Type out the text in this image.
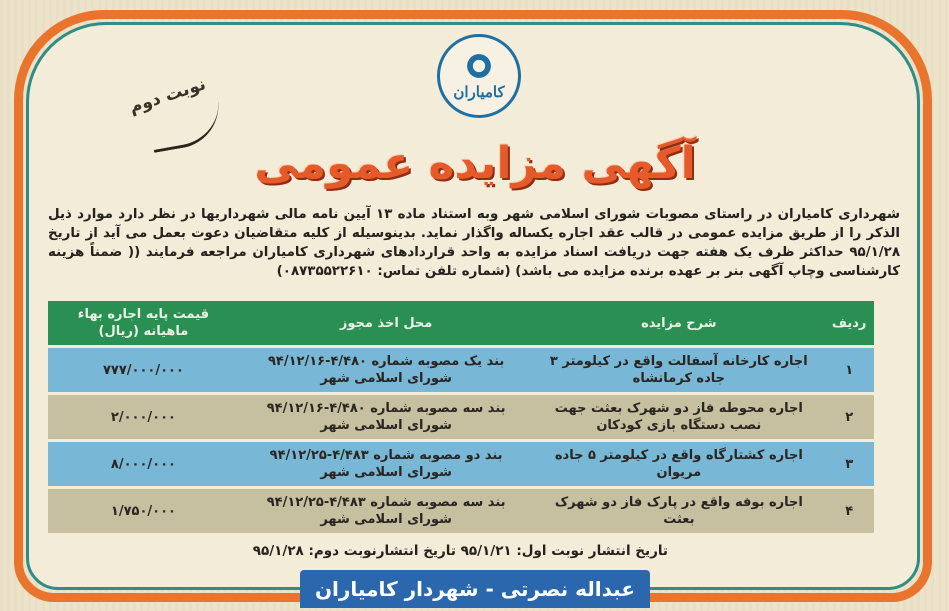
کامیاران
نوبت دوم
آگهی مزایده عمومی
شهرداری کامیاران در راستای مصوبات شورای اسلامی شهر وبه استناد ماده ۱۳ آیین نامه مالی شهرداریها در نظر دارد موارد ذیل الذکر را از طریق مزایده عمومی در قالب عقد اجاره یکساله واگذار نماید. بدینوسیله از کلیه متقاضیان دعوت بعمل می آید از تاریخ ۹۵/۱/۲۸ حداکثر ظرف یک هفته جهت دریافت اسناد مزایده به واحد قراردادهای شهرداری کامیاران مراجعه فرمایند (( ضمناً هزینه کارشناسی وچاپ آگهی بنر بر عهده برنده مزایده می باشد) (شماره تلفن تماس: ۰۸۷۳۵۵۲۲۶۱۰)
ردیف	شرح مزایده	محل اخذ مجوز	قیمت پایه اجاره بهاء ماهیانه (ریال)
۱	اجاره کارخانه آسفالت واقع در کیلومتر ۳ جاده کرمانشاه	بند یک مصوبه شماره ۴/۴۸۰-۹۴/۱۲/۱۶ شورای اسلامی شهر	۷۷۷/۰۰۰/۰۰۰
۲	اجاره محوطه فاز دو شهرک بعثت جهت نصب دستگاه بازی کودکان	بند سه مصوبه شماره ۴/۴۸۰-۹۴/۱۲/۱۶ شورای اسلامی شهر	۲/۰۰۰/۰۰۰
۳	اجاره کشتارگاه واقع در کیلومتر ۵ جاده مریوان	بند دو مصوبه شماره ۴/۴۸۳-۹۴/۱۲/۲۵ شورای اسلامی شهر	۸/۰۰۰/۰۰۰
۴	اجاره بوفه واقع در پارک فاز دو شهرک بعثت	بند سه مصوبه شماره ۴/۴۸۳-۹۴/۱۲/۲۵ شورای اسلامی شهر	۱/۷۵۰/۰۰۰
تاریخ انتشار نوبت اول: ۹۵/۱/۲۱ تاریخ انتشارنوبت دوم: ۹۵/۱/۲۸
عبداله نصرتی - شهردار کامیاران
